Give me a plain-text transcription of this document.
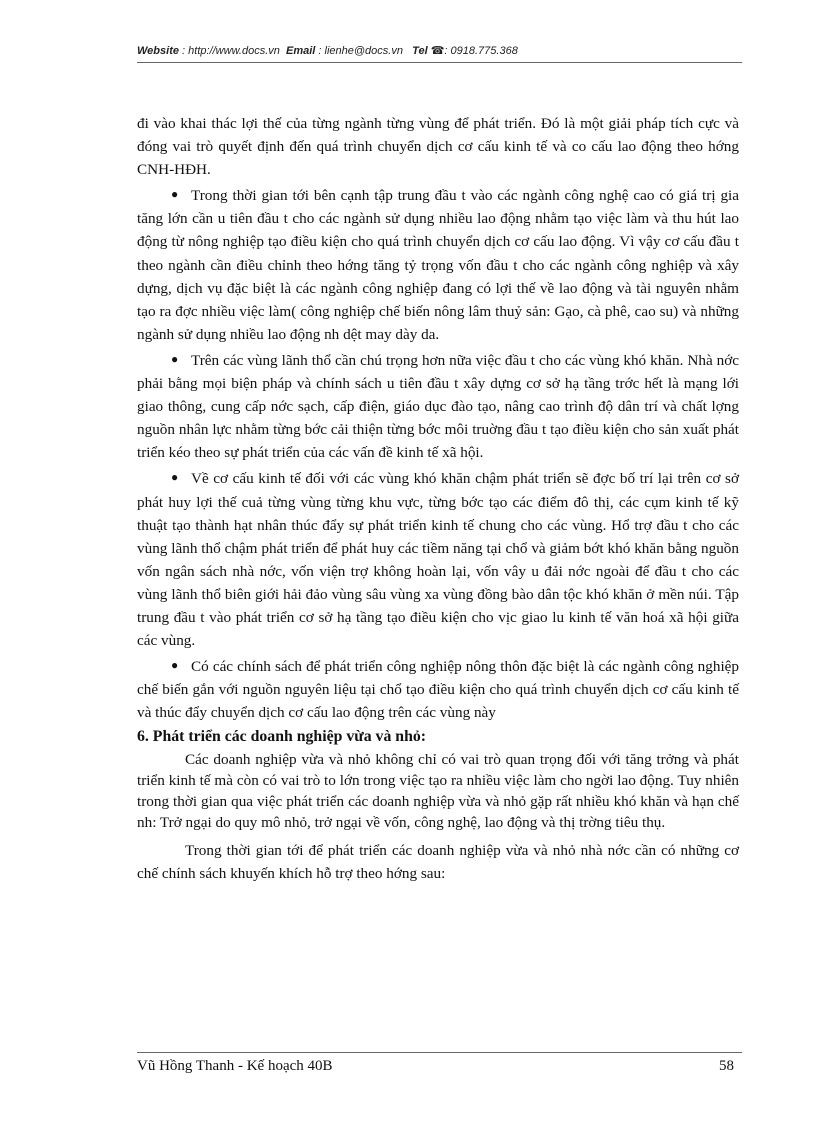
Website : http://www.docs.vn Email : lienhe@docs.vn Tel ☎: 0918.775.368

đi vào khai thác lợi thế của từng ngành từng vùng để phát triển. Đó là một giải pháp tích cực và đóng vai trò quyết định đến quá trình chuyển dịch cơ cấu kinh tế và co cấu lao động theo hớng CNH-HĐH.

● Trong thời gian tới bên cạnh tập trung đầu t vào các ngành công nghệ cao có giá trị gia tăng lớn cần u tiên đầu t cho các ngành sử dụng nhiều lao động nhằm tạo việc làm và thu hút lao động từ nông nghiệp tạo điều kiện cho quá trình chuyển dịch cơ cấu lao động. Vì vậy cơ cấu đầu t theo ngành cần điều chỉnh theo hớng tăng tỷ trọng vốn đầu t cho các ngành công nghiệp và xây dựng, dịch vụ đặc biệt là các ngành công nghiệp đang có lợi thế về lao động và tài nguyên nhằm tạo ra đợc nhiều việc làm( công nghiệp chế biến nông lâm thuỷ sản: Gạo, cà phê, cao su) và những ngành sử dụng nhiều lao động nh dệt may dày da.

● Trên các vùng lãnh thổ cần chú trọng hơn nữa việc đầu t cho các vùng khó khăn. Nhà nớc phải bằng mọi biện pháp và chính sách u tiên đầu t xây dựng cơ sở hạ tầng trớc hết là mạng lới giao thông, cung cấp nớc sạch, cấp điện, giáo dục đào tạo, nâng cao trình độ dân trí và chất lợng nguồn nhân lực nhằm từng bớc cải thiện từng bớc môi truờng đầu t tạo điều kiện cho sản xuất phát triển kéo theo sự phát triển của các vấn đề kinh tế xã hội.

● Về cơ cấu kinh tế đối với các vùng khó khăn chậm phát triển sẽ đợc bố trí lại trên cơ sở phát huy lợi thế cuả từng vùng từng khu vực, từng bớc tạo các điểm đô thị, các cụm kinh tế kỹ thuật tạo thành hạt nhân thúc đẩy sự phát triển kinh tế chung cho các vùng. Hổ trợ đầu t cho các vùng lãnh thổ chậm phát triển để phát huy các tiềm năng tại chổ và giảm bớt khó khăn bằng nguồn vốn ngân sách nhà nớc, vốn viện trợ không hoàn lại, vốn vây u đải nớc ngoài để đầu t cho các vùng lãnh thổ biên giới hải đảo vùng sâu vùng xa vùng đồng bào dân tộc khó khăn ở mền núi. Tập trung đầu t vào phát triển cơ sở hạ tầng tạo điều kiện cho vịc giao lu kinh tế văn hoá xã hội giữa các vùng.

● Có các chính sách để phát triển công nghiệp nông thôn đặc biệt là các ngành công nghiệp chế biến gắn với nguồn nguyên liệu tại chổ tạo điều kiện cho quá trình chuyển dịch cơ cấu kinh tế và thúc đẩy chuyển dịch cơ cấu lao động trên các vùng này

6. Phát triển các doanh nghiệp vừa và nhỏ:

Các doanh nghiệp vừa và nhỏ không chỉ có vai trò quan trọng đối với tăng trởng và phát triển kinh tế mà còn có vai trò to lớn trong việc tạo ra nhiều việc làm cho ngời lao động. Tuy nhiên trong thời gian qua việc phát triển các doanh nghiệp vừa và nhỏ gặp rất nhiều khó khăn và hạn chế nh: Trở ngại do quy mô nhỏ, trở ngại về vốn, công nghệ, lao động và thị trờng tiêu thụ.

Trong thời gian tới để phát triển các doanh nghiệp vừa và nhỏ nhà nớc cần có những cơ chế chính sách khuyến khích hỗ trợ theo hớng sau:

Vũ Hồng Thanh - Kế hoạch 40B	58
